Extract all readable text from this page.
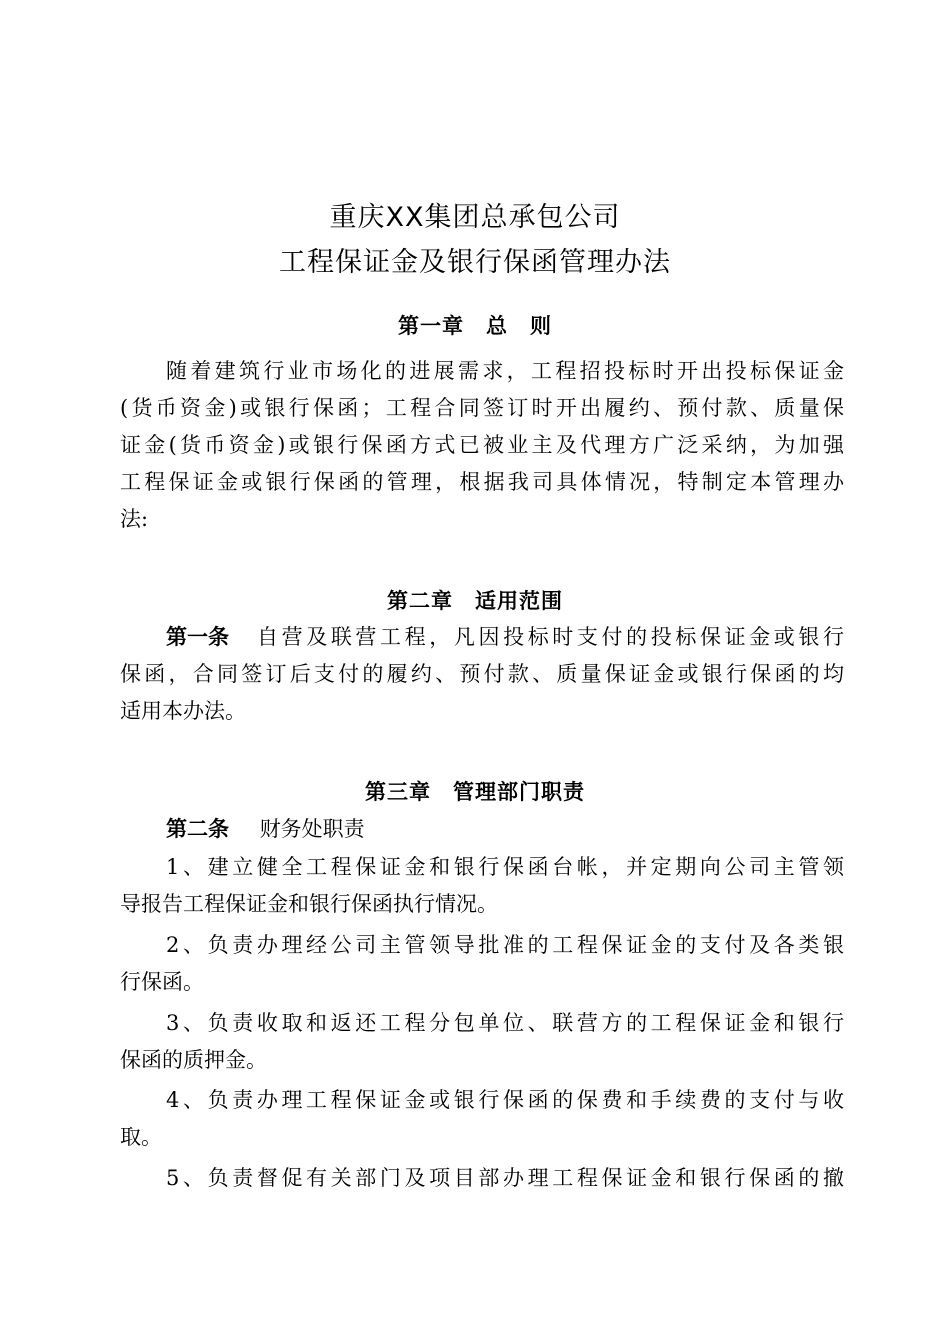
重庆XX集团总承包公司
工程保证金及银行保函管理办法
第一章　总　则
随着建筑行业市场化的进展需求，工程招投标时开出投标保证金
(货币资金)或银行保函；工程合同签订时开出履约、预付款、质量保
证金(货币资金)或银行保函方式已被业主及代理方广泛采纳，为加强
工程保证金或银行保函的管理，根据我司具体情况，特制定本管理办
法:
第二章　适用范围
第一条 自营及联营工程，凡因投标时支付的投标保证金或银行
保函，合同签订后支付的履约、预付款、质量保证金或银行保函的均
适用本办法。
第三章　管理部门职责
第二条 财务处职责
1、建立健全工程保证金和银行保函台帐，并定期向公司主管领
导报告工程保证金和银行保函执行情况。
2、负责办理经公司主管领导批准的工程保证金的支付及各类银
行保函。
3、负责收取和返还工程分包单位、联营方的工程保证金和银行
保函的质押金。
4、负责办理工程保证金或银行保函的保费和手续费的支付与收
取。
5、负责督促有关部门及项目部办理工程保证金和银行保函的撤
